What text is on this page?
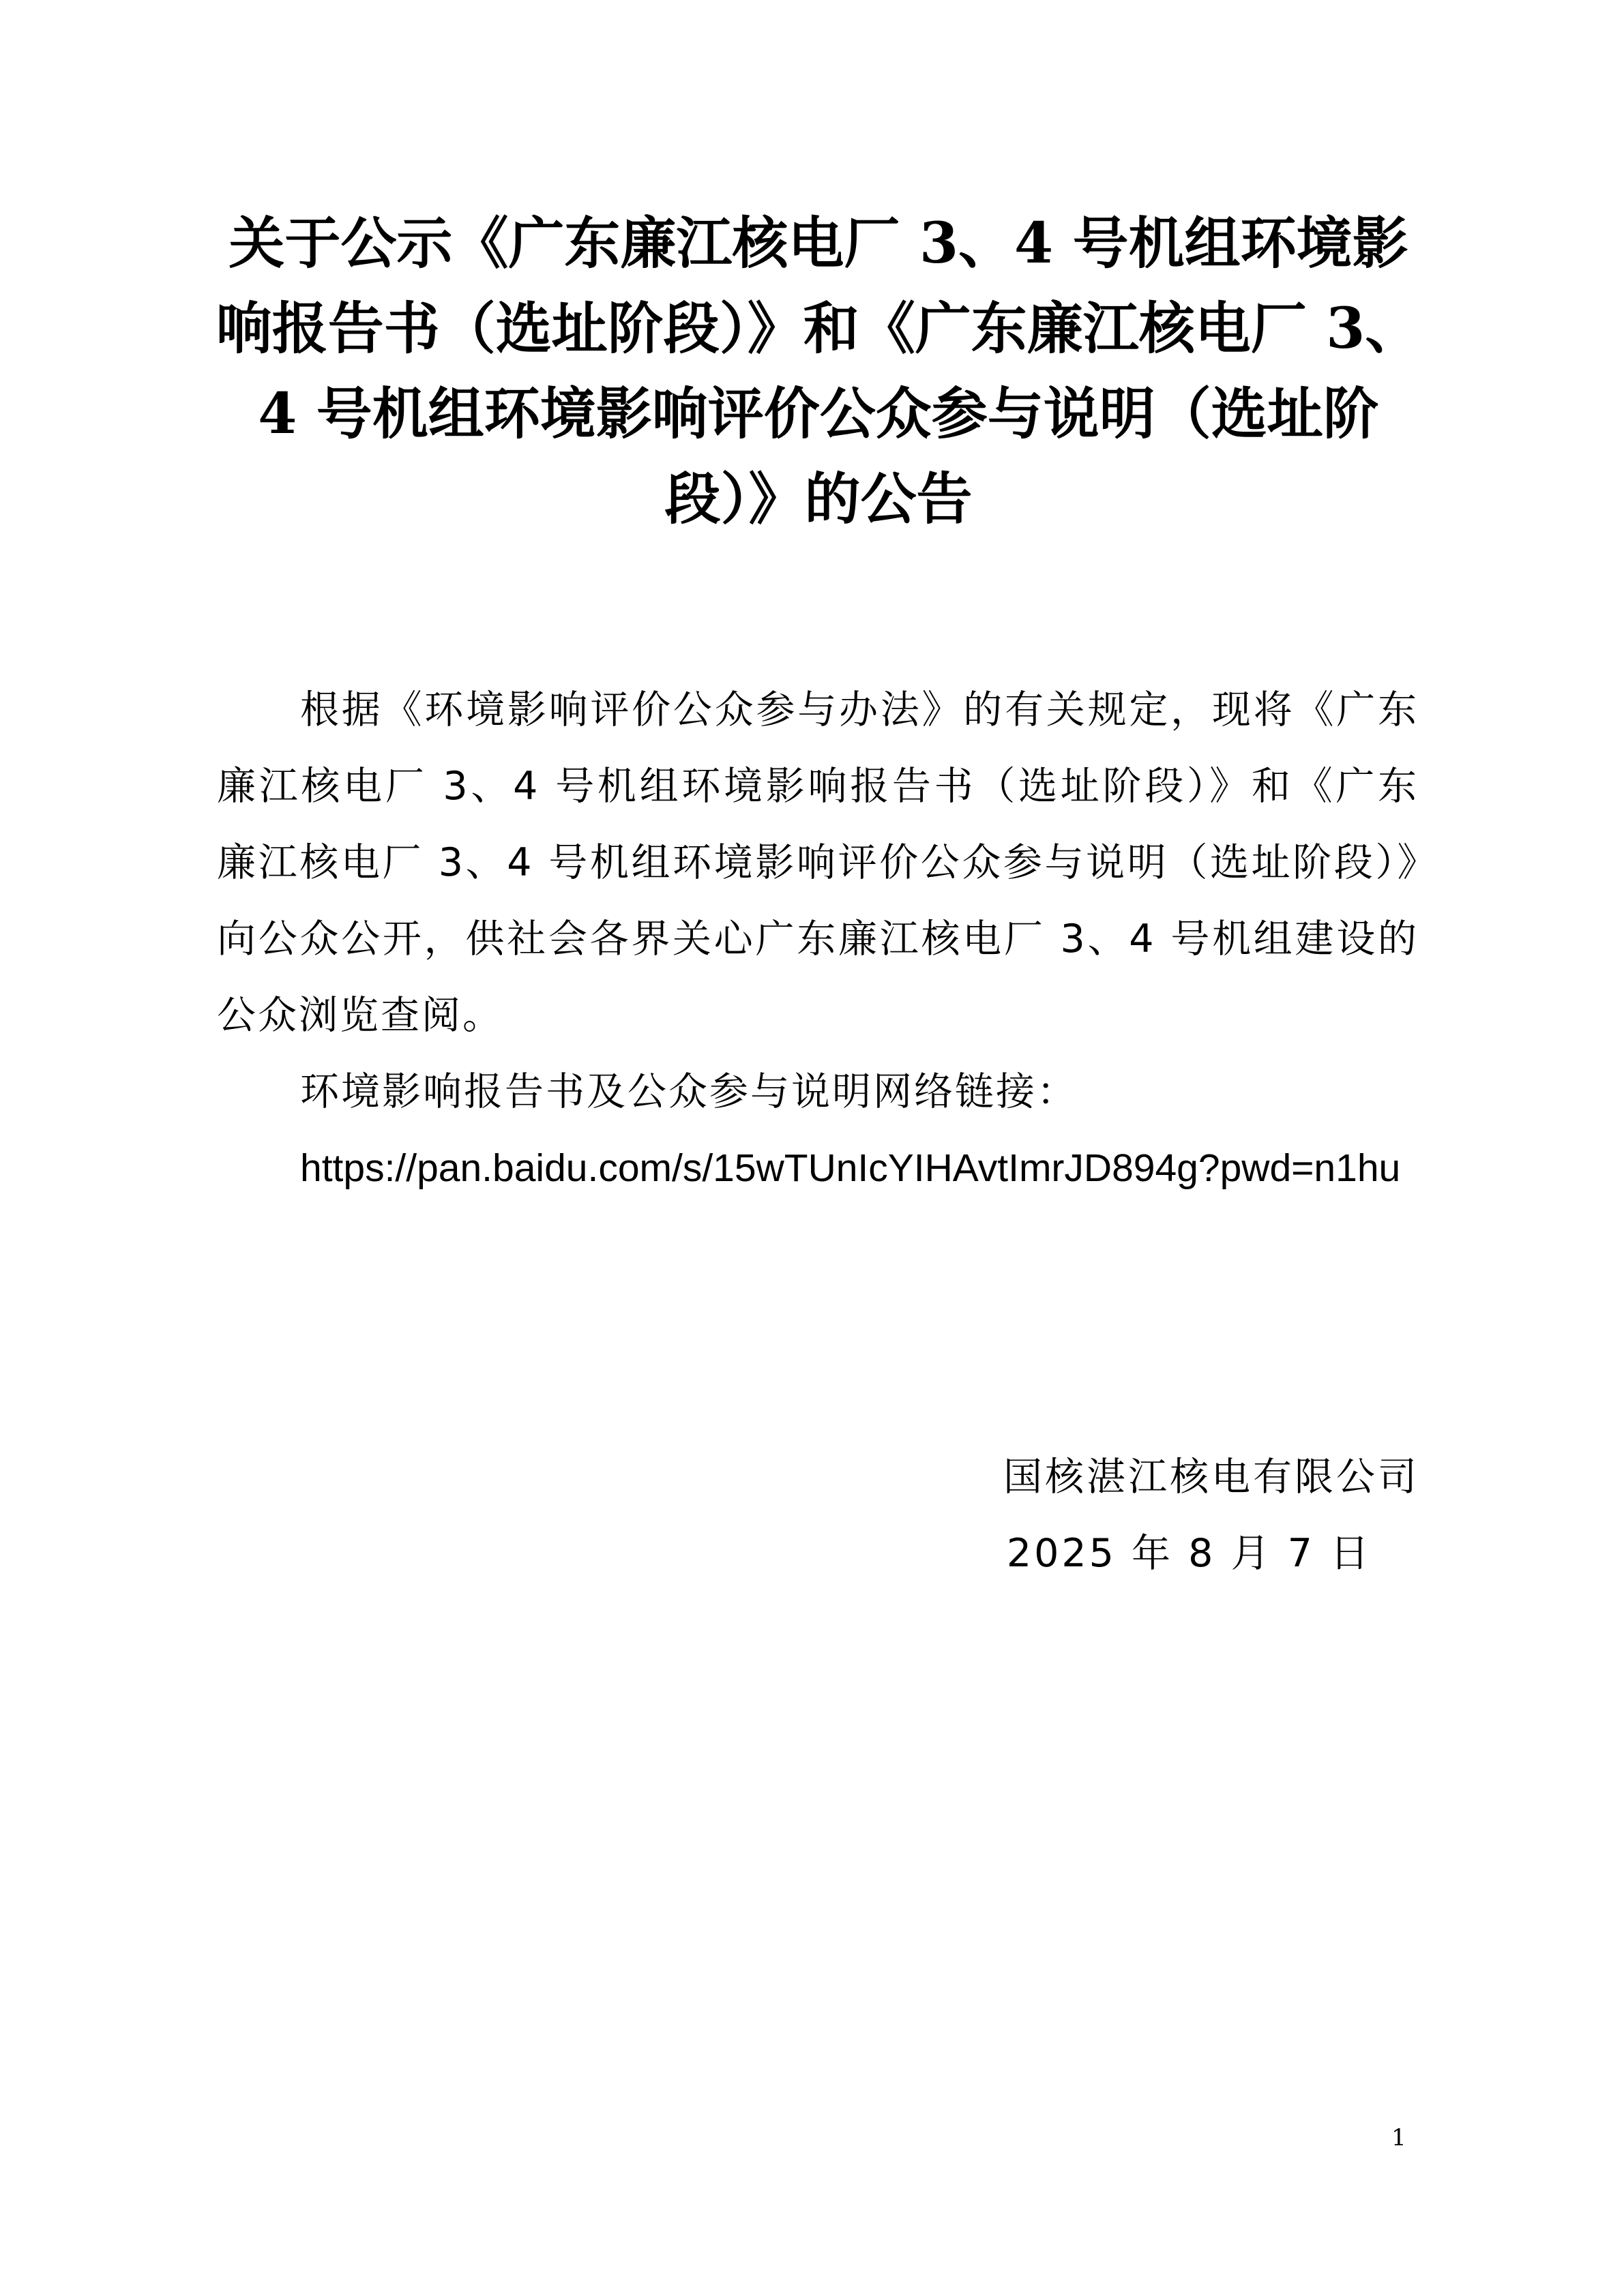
关于公示《广东廉江核电厂 3、4 号机组环境影
响报告书（选址阶段）》和《广东廉江核电厂 3、
4 号机组环境影响评价公众参与说明（选址阶
段）》的公告

根据《环境影响评价公众参与办法》的有关规定，现将《广东廉江核电厂 3、4 号机组环境影响报告书（选址阶段）》和《广东廉江核电厂 3、4 号机组环境影响评价公众参与说明（选址阶段）》向公众公开，供社会各界关心广东廉江核电厂 3、4 号机组建设的公众浏览查阅。

环境影响报告书及公众参与说明网络链接：

https://pan.baidu.com/s/15wTUnIcYIHAvtImrJD894g?pwd=n1hu

国核湛江核电有限公司
2025 年 8 月 7 日
1
